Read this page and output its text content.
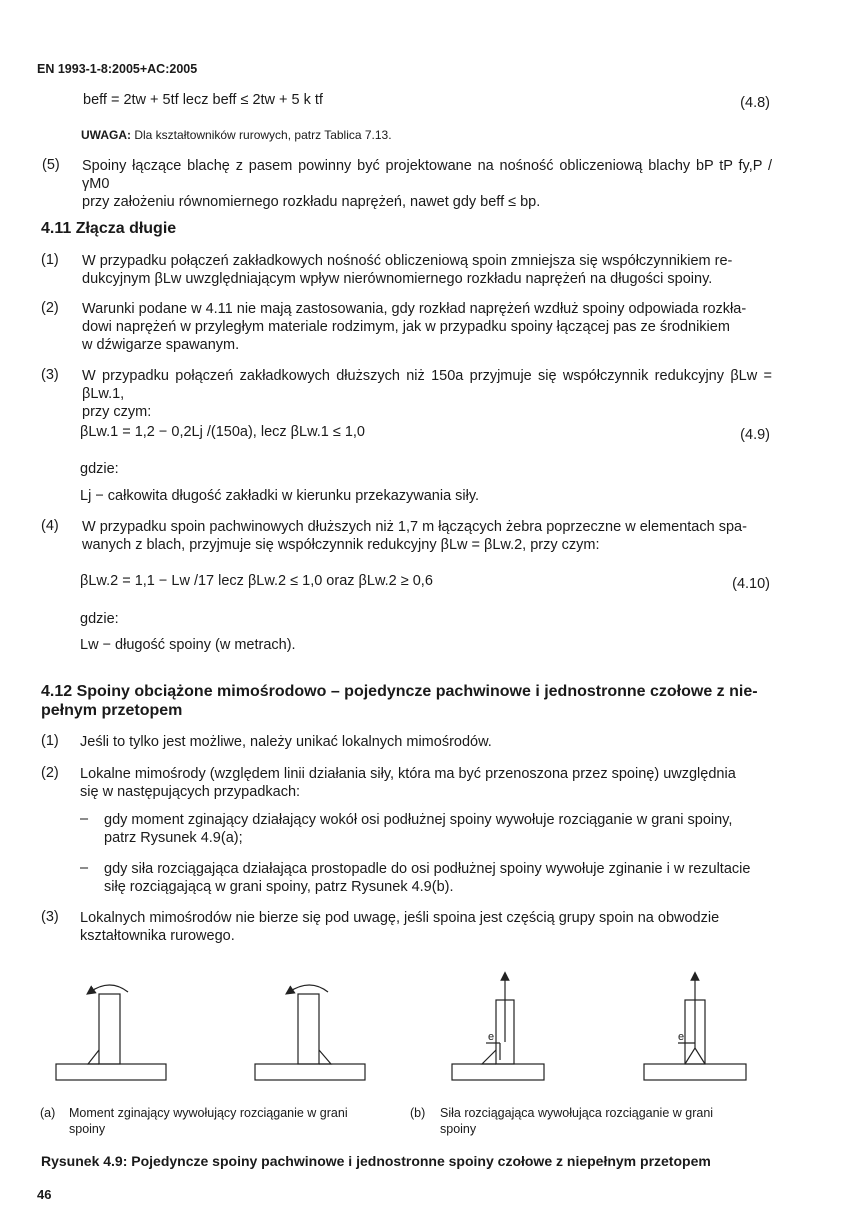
EN 1993-1-8:2005+AC:2005
beff = 2tw + 5tf lecz beff ≤ 2tw + 5 k tf	(4.8)
UWAGA: Dla kształtowników rurowych, patrz Tablica 7.13.
(5)	Spoiny łączące blachę z pasem powinny być projektowane na nośność obliczeniową blachy bP tP fy,P / γM0
przy założeniu równomiernego rozkładu naprężeń, nawet gdy beff ≤ bp.
4.11 Złącza długie
(1)	W przypadku połączeń zakładkowych nośność obliczeniową spoin zmniejsza się współczynnikiem re-
dukcyjnym βLw uwzględniającym wpływ nierównomiernego rozkładu naprężeń na długości spoiny.
(2)	Warunki podane w 4.11 nie mają zastosowania, gdy rozkład naprężeń wzdłuż spoiny odpowiada rozkła-
dowi naprężeń w przyległym materiale rodzimym, jak w przypadku spoiny łączącej pas ze środnikiem
w dźwigarze spawanym.
(3)	W przypadku połączeń zakładkowych dłuższych niż 150a przyjmuje się współczynnik redukcyjny βLw = βLw.1,
przy czym:
βLw.1 = 1,2 − 0,2Lj /(150a), lecz βLw.1 ≤ 1,0	(4.9)
gdzie:
Lj − całkowita długość zakładki w kierunku przekazywania siły.
(4)	W przypadku spoin pachwinowych dłuższych niż 1,7 m łączących żebra poprzeczne w elementach spa-
wanych z blach, przyjmuje się współczynnik redukcyjny βLw = βLw.2, przy czym:
βLw.2 = 1,1 − Lw /17 lecz βLw.2 ≤ 1,0 oraz βLw.2 ≥ 0,6	(4.10)
gdzie:
Lw − długość spoiny (w metrach).
4.12 Spoiny obciążone mimośrodowo – pojedyncze pachwinowe i jednostronne czołowe z nie-
pełnym przetopem
(1)	Jeśli to tylko jest możliwe, należy unikać lokalnych mimośrodów.
(2)	Lokalne mimośrody (względem linii działania siły, która ma być przenoszona przez spoinę) uwzględnia
się w następujących przypadkach:
– gdy moment zginający działający wokół osi podłużnej spoiny wywołuje rozciąganie w grani spoiny,
patrz Rysunek 4.9(a);
– gdy siła rozciągająca działająca prostopadle do osi podłużnej spoiny wywołuje zginanie i w rezultacie
siłę rozciągającą w grani spoiny, patrz Rysunek 4.9(b).
(3)	Lokalnych mimośrodów nie bierze się pod uwagę, jeśli spoina jest częścią grupy spoin na obwodzie
kształtownika rurowego.
e	e
(a) Moment zginający wywołujący rozciąganie w grani
spoiny
(b) Siła rozciągająca wywołująca rozciąganie w grani
spoiny
Rysunek 4.9: Pojedyncze spoiny pachwinowe i jednostronne spoiny czołowe z niepełnym przetopem
46
